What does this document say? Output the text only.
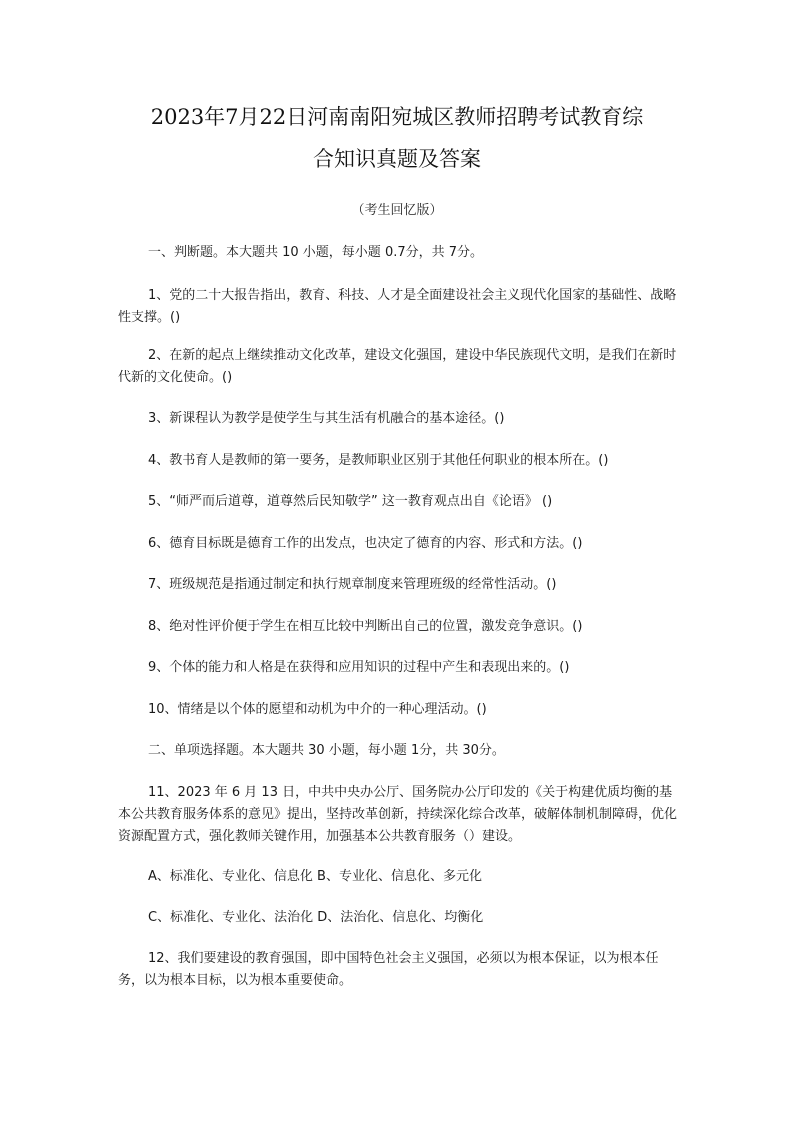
2023年7月22日河南南阳宛城区教师招聘考试教育综
合知识真题及答案
（考生回忆版）
一、判断题。本大题共 10 小题，每小题 0.7分，共 7分。
1、党的二十大报告指出，教育、科技、人才是全面建设社会主义现代化国家的基础性、战略性支撑。()
2、在新的起点上继续推动文化改革，建设文化强国，建设中华民族现代文明，是我们在新时代新的文化使命。()
3、新课程认为教学是使学生与其生活有机融合的基本途径。()
4、教书育人是教师的第一要务，是教师职业区别于其他任何职业的根本所在。()
5、“师严而后道尊，道尊然后民知敬学” 这一教育观点出自《论语》 ()
6、德育目标既是德育工作的出发点，也决定了德育的内容、形式和方法。()
7、班级规范是指通过制定和执行规章制度来管理班级的经常性活动。()
8、绝对性评价便于学生在相互比较中判断出自己的位置，激发竞争意识。()
9、个体的能力和人格是在获得和应用知识的过程中产生和表现出来的。()
10、情绪是以个体的愿望和动机为中介的一种心理活动。()
二、单项选择题。本大题共 30 小题，每小题 1分，共 30分。
11、2023 年 6 月 13 日，中共中央办公厅、国务院办公厅印发的《关于构建优质均衡的基本公共教育服务体系的意见》提出，坚持改革创新，持续深化综合改革，破解体制机制障碍，优化资源配置方式，强化教师关键作用，加强基本公共教育服务（）建设。
A、标准化、专业化、信息化 B、专业化、信息化、多元化
C、标准化、专业化、法治化 D、法治化、信息化、均衡化
12、我们要建设的教育强国，即中国特色社会主义强国，必须以为根本保证，以为根本任务，以为根本目标，以为根本重要使命。
